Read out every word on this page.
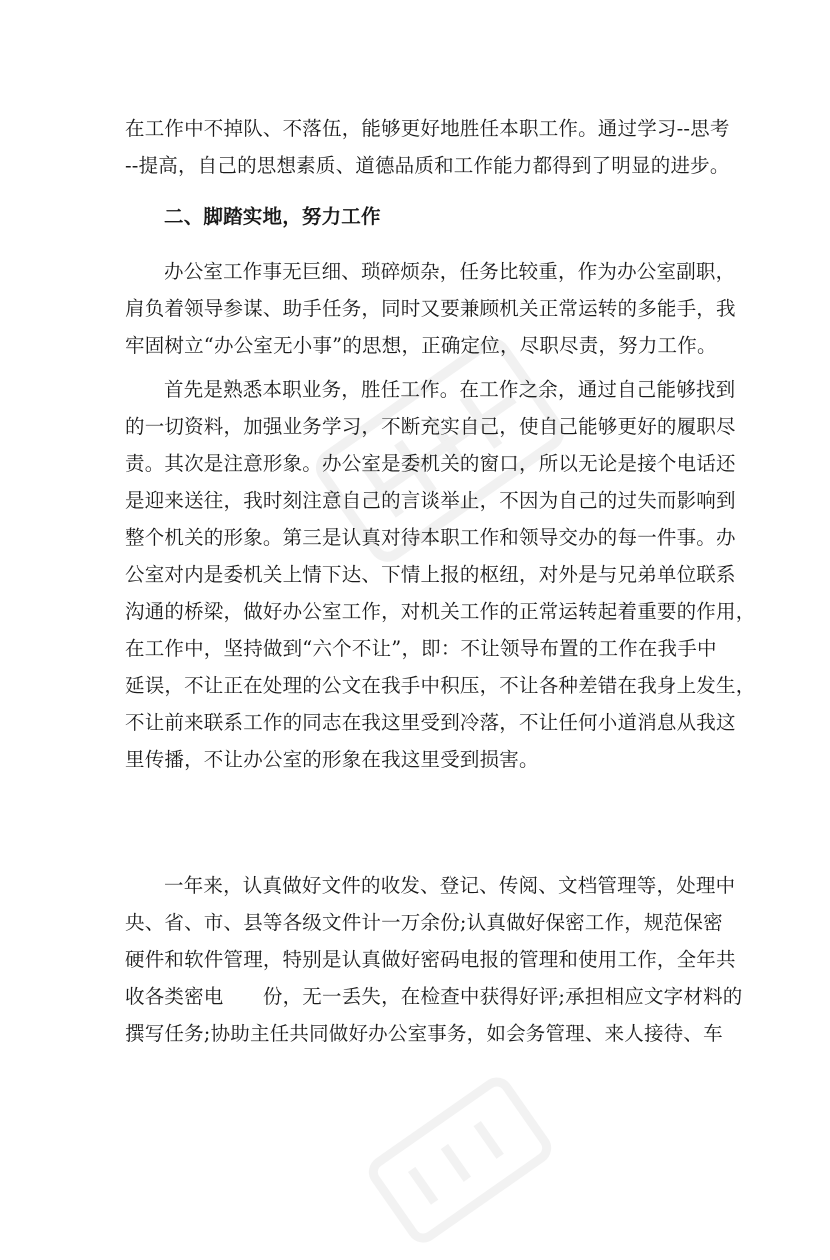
在工作中不掉队、不落伍，能够更好地胜任本职工作。通过学习--思考
--提高，自己的思想素质、道德品质和工作能力都得到了明显的进步。
二、脚踏实地，努力工作
办公室工作事无巨细、琐碎烦杂，任务比较重，作为办公室副职，
肩负着领导参谋、助手任务，同时又要兼顾机关正常运转的多能手，我
牢固树立“办公室无小事”的思想，正确定位，尽职尽责，努力工作。
首先是熟悉本职业务，胜任工作。在工作之余，通过自己能够找到
的一切资料，加强业务学习，不断充实自己，使自己能够更好的履职尽
责。其次是注意形象。办公室是委机关的窗口，所以无论是接个电话还
是迎来送往，我时刻注意自己的言谈举止，不因为自己的过失而影响到
整个机关的形象。第三是认真对待本职工作和领导交办的每一件事。办
公室对内是委机关上情下达、下情上报的枢纽，对外是与兄弟单位联系
沟通的桥梁，做好办公室工作，对机关工作的正常运转起着重要的作用，
在工作中，坚持做到“六个不让”，即：不让领导布置的工作在我手中
延误，不让正在处理的公文在我手中积压，不让各种差错在我身上发生，
不让前来联系工作的同志在我这里受到冷落，不让任何小道消息从我这
里传播，不让办公室的形象在我这里受到损害。
一年来，认真做好文件的收发、登记、传阅、文档管理等，处理中
央、省、市、县等各级文件计一万余份;认真做好保密工作，规范保密
硬件和软件管理，特别是认真做好密码电报的管理和使用工作，全年共
收各类密电　　份，无一丢失，在检查中获得好评;承担相应文字材料的
撰写任务;协助主任共同做好办公室事务，如会务管理、来人接待、车
